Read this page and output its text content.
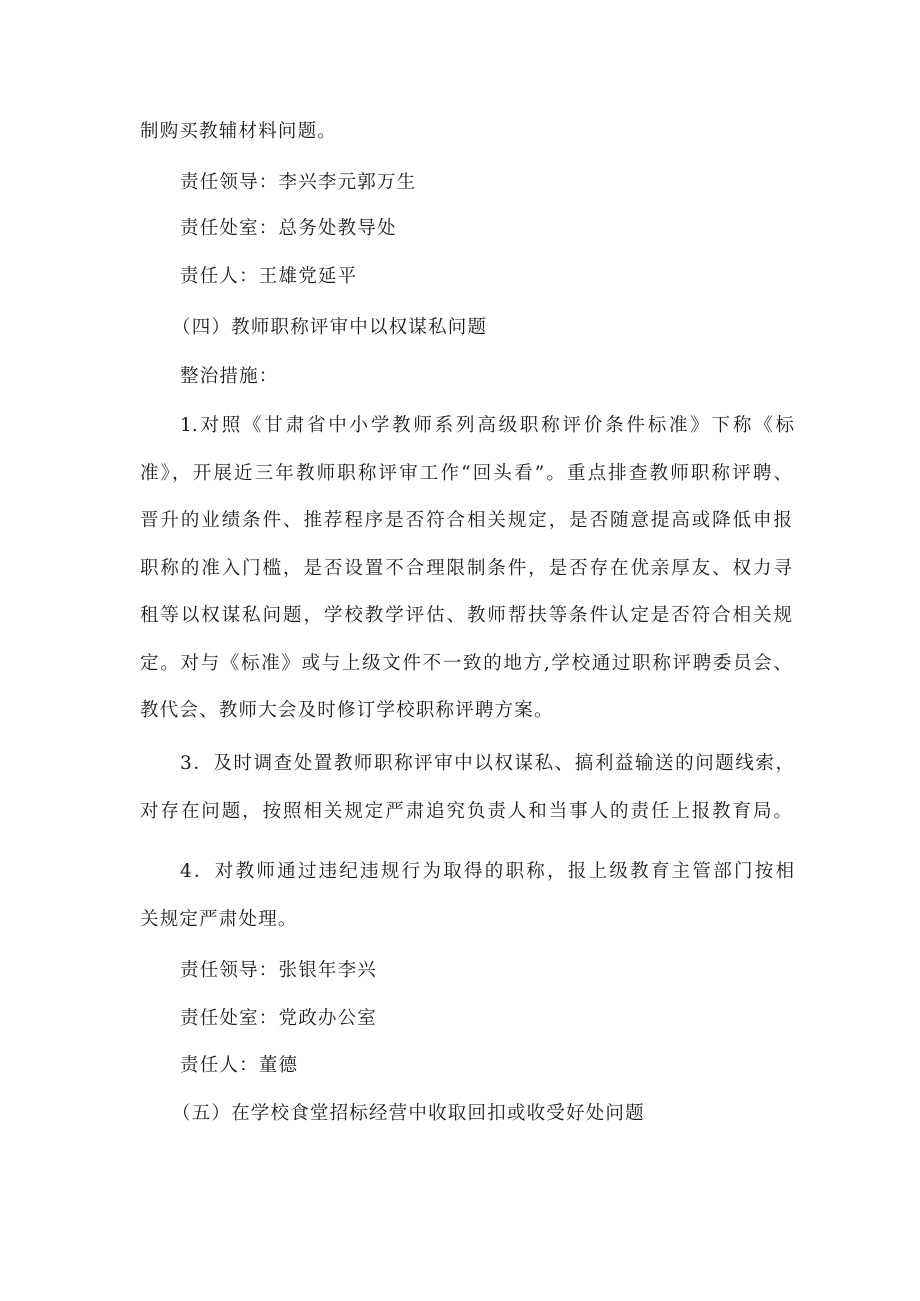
制购买教辅材料问题。
责任领导：李兴李元郭万生
责任处室：总务处教导处
责任人：王雄党延平
（四）教师职称评审中以权谋私问题
整治措施：
1.对照《甘肃省中小学教师系列高级职称评价条件标准》下称《标
准》，开展近三年教师职称评审工作“回头看”。重点排查教师职称评聘、
晋升的业绩条件、推荐程序是否符合相关规定，是否随意提高或降低申报
职称的准入门槛，是否设置不合理限制条件，是否存在优亲厚友、权力寻
租等以权谋私问题，学校教学评估、教师帮扶等条件认定是否符合相关规
定。对与《标准》或与上级文件不一致的地方,学校通过职称评聘委员会、
教代会、教师大会及时修订学校职称评聘方案。
3．及时调查处置教师职称评审中以权谋私、搞利益输送的问题线索，
对存在问题，按照相关规定严肃追究负责人和当事人的责任上报教育局。
4．对教师通过违纪违规行为取得的职称，报上级教育主管部门按相
关规定严肃处理。
责任领导：张银年李兴
责任处室：党政办公室
责任人：董德
（五）在学校食堂招标经营中收取回扣或收受好处问题
